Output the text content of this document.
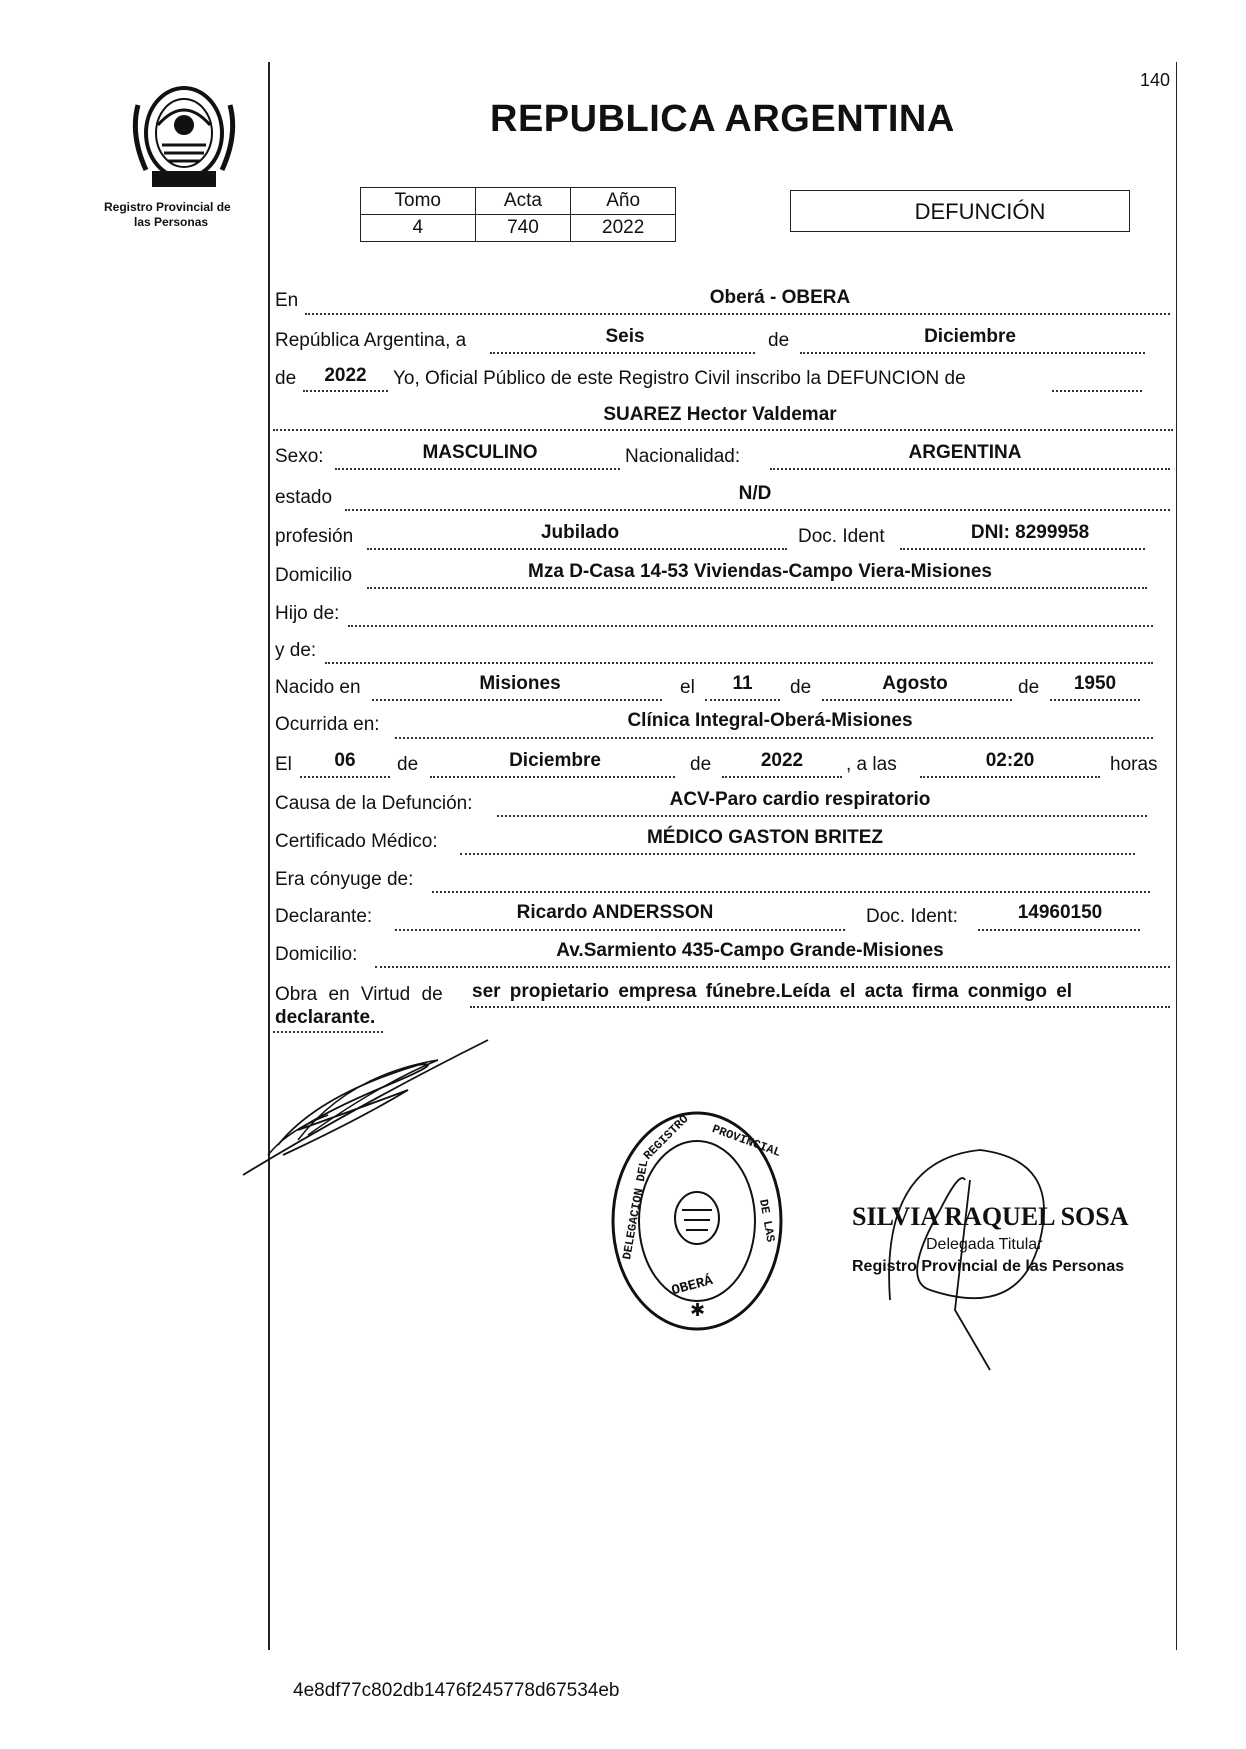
140
Registro Provincial de
las Personas
REPUBLICA ARGENTINA
Tomo	Acta	Año
4	740	2022
DEFUNCIÓN
En	Oberá - OBERA
República Argentina, a	Seis	de	Diciembre
de	2022	Yo, Oficial Público de este Registro Civil inscribo la DEFUNCION de
SUAREZ Hector Valdemar
Sexo:	MASCULINO	Nacionalidad:	ARGENTINA
estado	N/D
profesión	Jubilado	Doc. Ident	DNI: 8299958
Domicilio	Mza D-Casa 14-53 Viviendas-Campo Viera-Misiones
Hijo de:
y de:
Nacido en	Misiones	el	11	de	Agosto	de	1950
Ocurrida en:	Clínica Integral-Oberá-Misiones
El	06	de	Diciembre	de	2022	, a las	02:20	horas
Causa de la Defunción:	ACV-Paro cardio respiratorio
Certificado Médico:	MÉDICO GASTON BRITEZ
Era cónyuge de:
Declarante:	Ricardo ANDERSSON	Doc. Ident:	14960150
Domicilio:	Av.Sarmiento 435-Campo Grande-Misiones
Obra en Virtud de ser propietario empresa fúnebre.Leída el acta firma conmigo el
declarante.
PROVINCIAL
DE LAS
DELEGACION DEL
REGISTRO
OBERÁ
✱
SILVIA RAQUEL SOSA
Delegada Titular
Registro Provincial de las Personas
4e8df77c802db1476f245778d67534eb
